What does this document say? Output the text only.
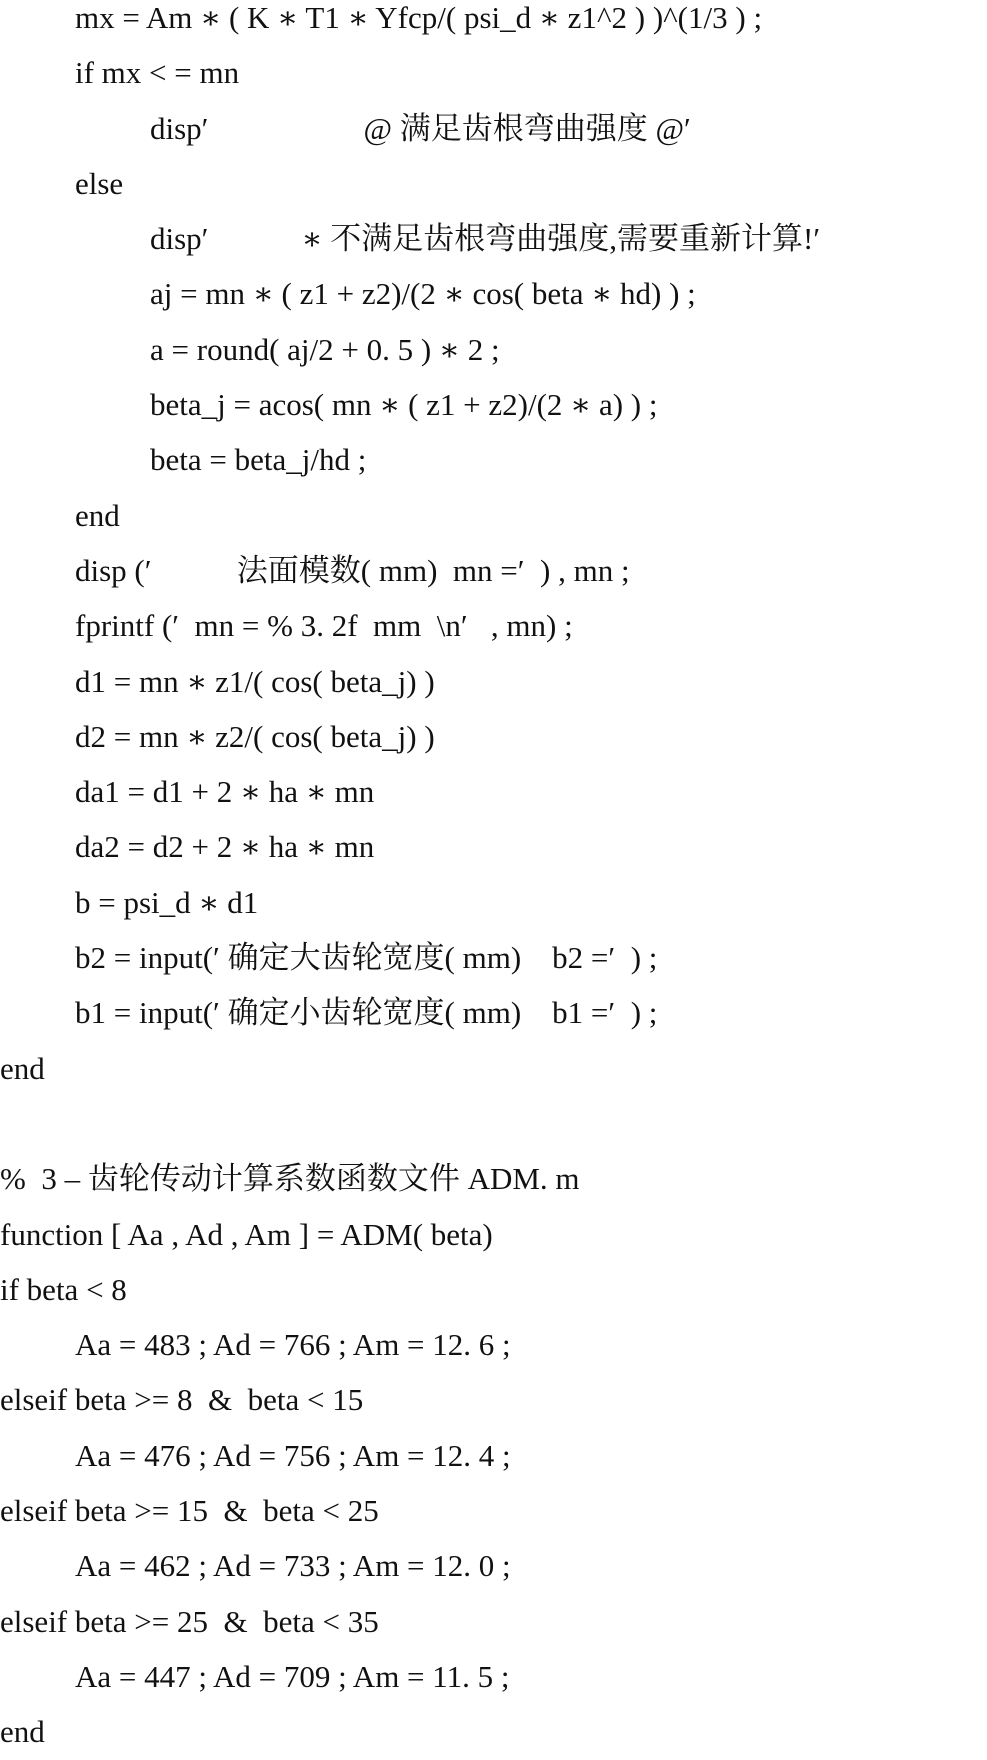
mx = Am ∗ ( K ∗ T1 ∗ Yfcp/( psi_d ∗ z1^2 ) )^(1/3 ) ;
if mx < = mn
disp′                    @ 满足齿根弯曲强度 @′
else
disp′            ∗ 不满足齿根弯曲强度,需要重新计算!′
aj = mn ∗ ( z1 + z2)/(2 ∗ cos( beta ∗ hd) ) ;
a = round( aj/2 + 0. 5 ) ∗ 2 ;
beta_j = acos( mn ∗ ( z1 + z2)/(2 ∗ a) ) ;
beta = beta_j/hd ;
end
disp (′           法面模数( mm)  mn =′  ) , mn ;
fprintf (′  mn = % 3. 2f  mm  \n′   , mn) ;
d1 = mn ∗ z1/( cos( beta_j) )
d2 = mn ∗ z2/( cos( beta_j) )
da1 = d1 + 2 ∗ ha ∗ mn
da2 = d2 + 2 ∗ ha ∗ mn
b = psi_d ∗ d1
b2 = input(′ 确定大齿轮宽度( mm)    b2 =′  ) ;
b1 = input(′ 确定小齿轮宽度( mm)    b1 =′  ) ;
end
%  3 – 齿轮传动计算系数函数文件 ADM. m
function [ Aa , Ad , Am ] = ADM( beta)
if beta < 8
Aa = 483 ; Ad = 766 ; Am = 12. 6 ;
elseif beta >= 8  &  beta < 15
Aa = 476 ; Ad = 756 ; Am = 12. 4 ;
elseif beta >= 15  &  beta < 25
Aa = 462 ; Ad = 733 ; Am = 12. 0 ;
elseif beta >= 25  &  beta < 35
Aa = 447 ; Ad = 709 ; Am = 11. 5 ;
end
